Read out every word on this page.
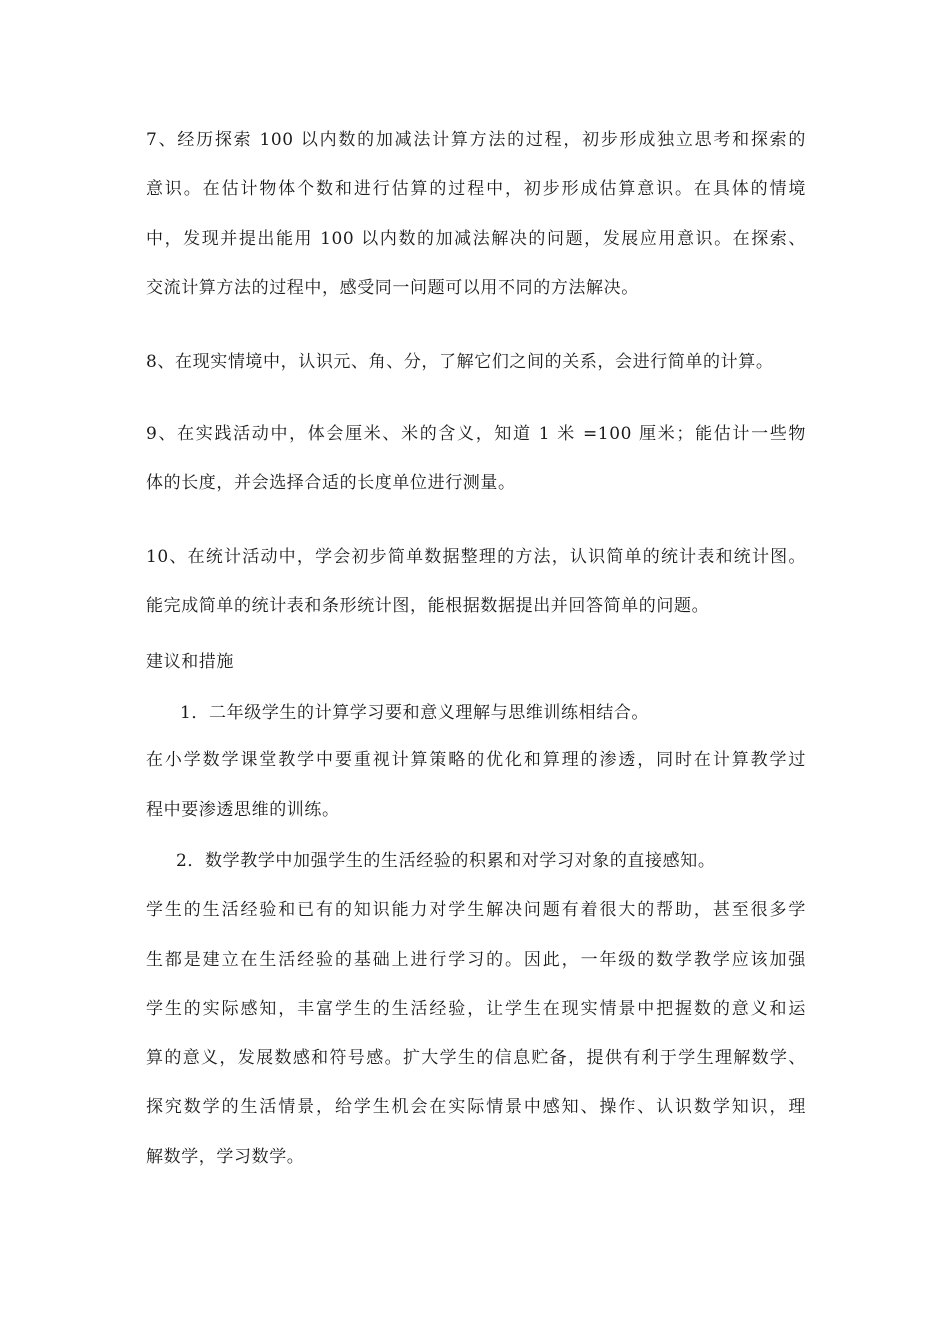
7、经历探索 100 以内数的加减法计算方法的过程，初步形成独立思考和探索的
意识。在估计物体个数和进行估算的过程中，初步形成估算意识。在具体的情境
中，发现并提出能用 100 以内数的加减法解决的问题，发展应用意识。在探索、
交流计算方法的过程中，感受同一问题可以用不同的方法解决。
8、在现实情境中，认识元、角、分，了解它们之间的关系，会进行简单的计算。
9、在实践活动中，体会厘米、米的含义，知道 1 米 =100 厘米；能估计一些物
体的长度，并会选择合适的长度单位进行测量。
10、在统计活动中，学会初步简单数据整理的方法，认识简单的统计表和统计图。
能完成简单的统计表和条形统计图，能根据数据提出并回答简单的问题。
建议和措施
1．二年级学生的计算学习要和意义理解与思维训练相结合。
在小学数学课堂教学中要重视计算策略的优化和算理的渗透，同时在计算教学过
程中要渗透思维的训练。
2．数学教学中加强学生的生活经验的积累和对学习对象的直接感知。
学生的生活经验和已有的知识能力对学生解决问题有着很大的帮助，甚至很多学
生都是建立在生活经验的基础上进行学习的。因此，一年级的数学教学应该加强
学生的实际感知，丰富学生的生活经验，让学生在现实情景中把握数的意义和运
算的意义，发展数感和符号感。扩大学生的信息贮备，提供有利于学生理解数学、
探究数学的生活情景，给学生机会在实际情景中感知、操作、认识数学知识，理
解数学，学习数学。
